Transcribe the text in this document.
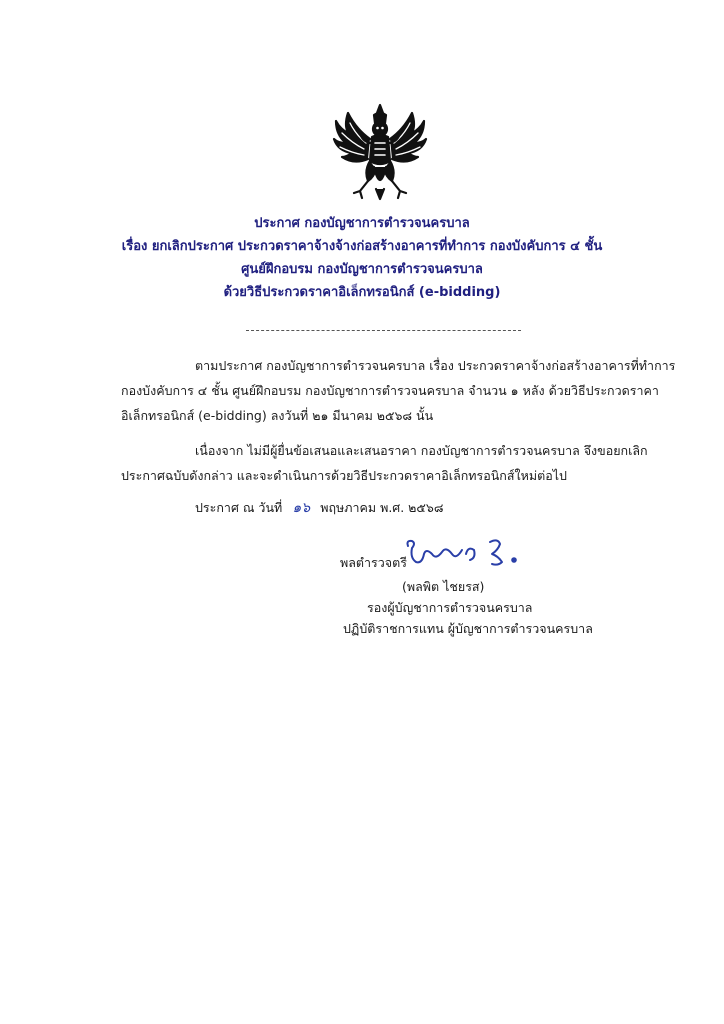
ประกาศ กองบัญชาการตำรวจนครบาล
เรื่อง ยกเลิกประกาศ ประกวดราคาจ้างจ้างก่อสร้างอาคารที่ทำการ กองบังคับการ ๔ ชั้น
ศูนย์ฝึกอบรม กองบัญชาการตำรวจนครบาล
ด้วยวิธีประกวดราคาอิเล็กทรอนิกส์ (e-bidding)
ตามประกาศ กองบัญชาการตำรวจนครบาล เรื่อง ประกวดราคาจ้างก่อสร้างอาคารที่ทำการ
กองบังคับการ ๔ ชั้น ศูนย์ฝึกอบรม กองบัญชาการตำรวจนครบาล จำนวน ๑ หลัง ด้วยวิธีประกวดราคา
อิเล็กทรอนิกส์ (e-bidding) ลงวันที่ ๒๑ มีนาคม ๒๕๖๘ นั้น
เนื่องจาก ไม่มีผู้ยื่นข้อเสนอและเสนอราคา กองบัญชาการตำรวจนครบาล จึงขอยกเลิก
ประกาศฉบับดังกล่าว และจะดำเนินการด้วยวิธีประกวดราคาอิเล็กทรอนิกส์ใหม่ต่อไป
ประกาศ ณ วันที่ ๑๖ พฤษภาคม พ.ศ. ๒๕๖๘
พลตำรวจตรี
(พลพิต ไชยรส)
รองผู้บัญชาการตำรวจนครบาล
ปฏิบัติราชการแทน ผู้บัญชาการตำรวจนครบาล
